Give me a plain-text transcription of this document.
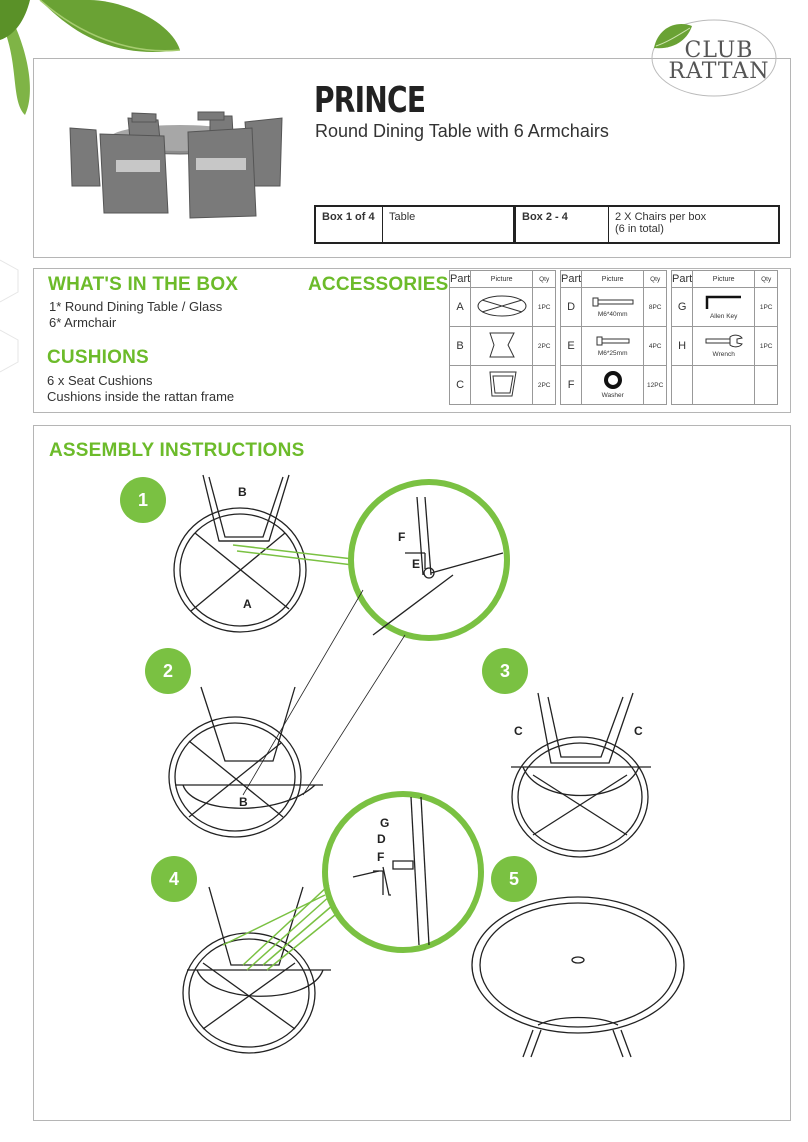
CLUB
RATTAN
PRINCE
Round Dining Table with 6 Armchairs
Box 1 of 4	Table	Box 2 - 4	2 X Chairs per box
(6 in total)
WHAT'S IN THE BOX
1* Round Dining Table / Glass
6* Armchair
CUSHIONS
6 x Seat Cushions
Cushions inside the rattan frame
ACCESSORIES Part	Picture	Qty
A		1PC
B		2PC
C		2PC
Part	Picture	Qty
D	M6*40mm	8PC
E	M6*25mm	4PC
F	Washer	12PC
Part	Picture	Qty
G	Allen Key	1PC
H	Wrench	1PC

ASSEMBLY INSTRUCTIONS
1
2	3
4	5
B
A
F
E
B
C	C
G
D
F
